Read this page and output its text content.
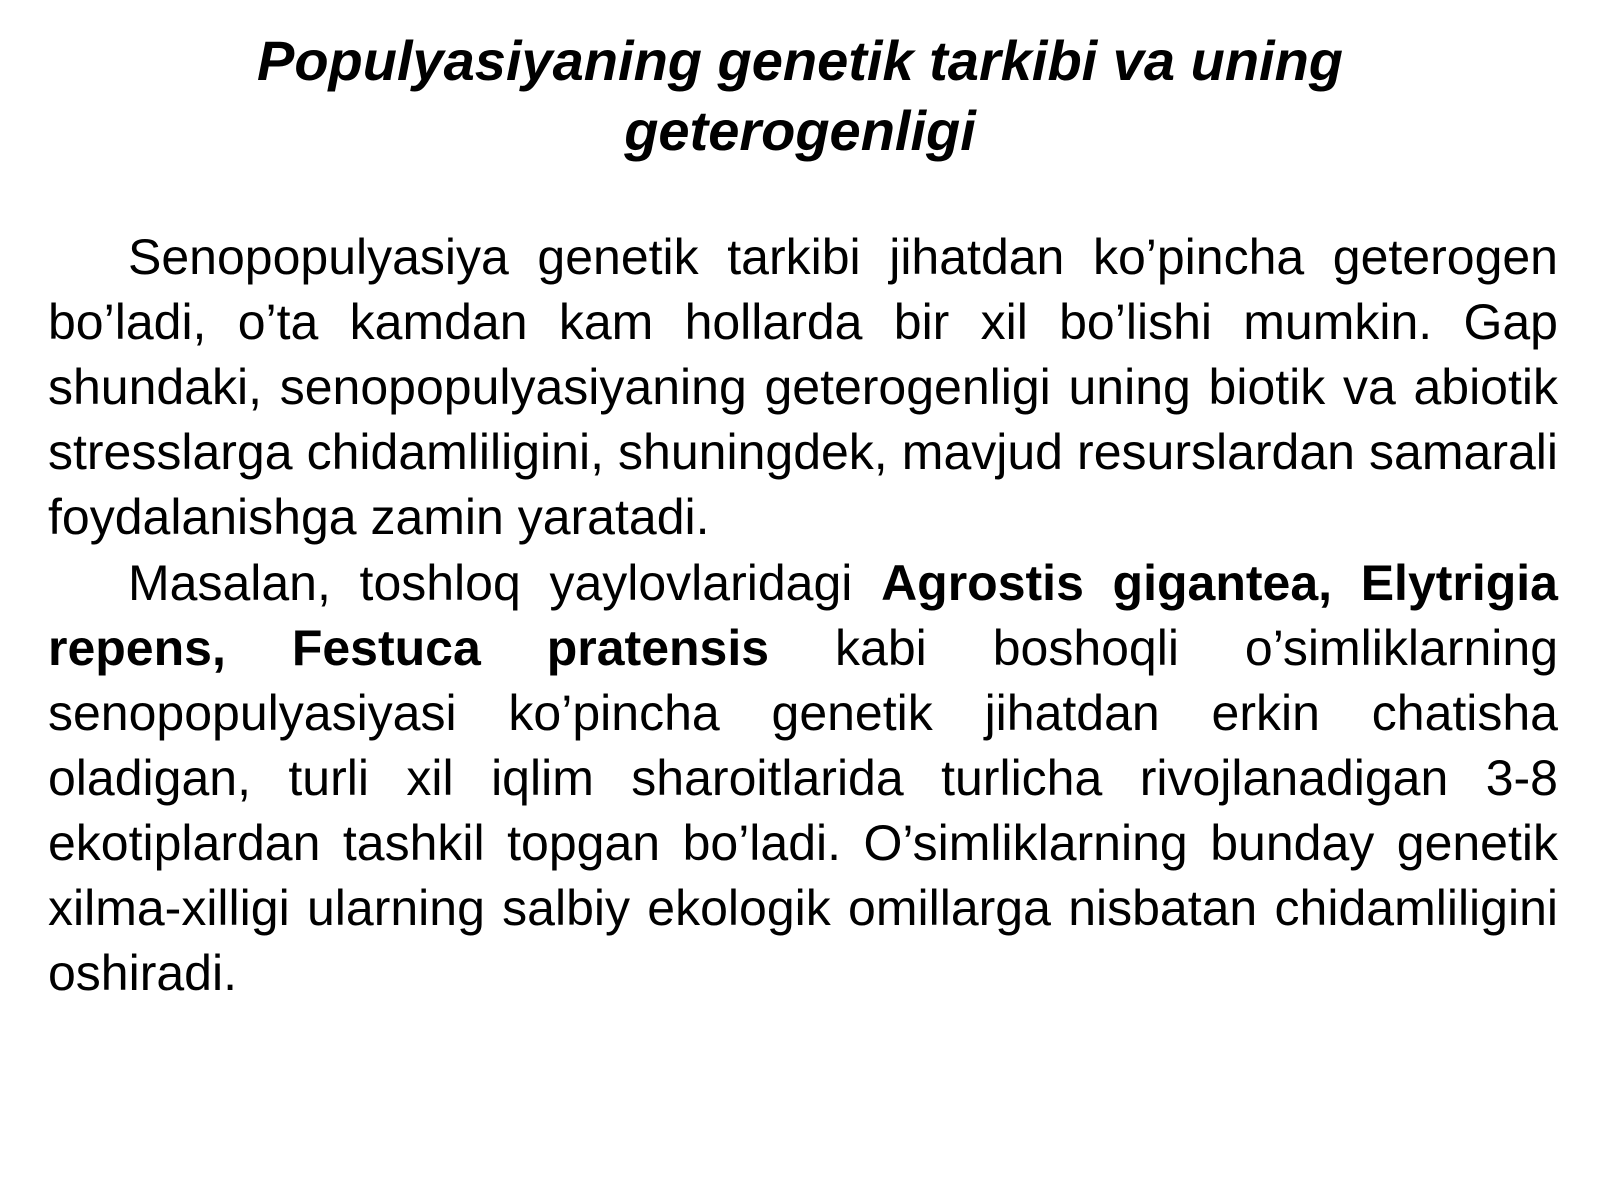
Populyasiyaning genetik tarkibi va uning geterogenligi

Senopopulyasiya genetik tarkibi jihatdan ko’pincha geterogen bo’ladi, o’ta kamdan kam hollarda bir xil bo’lishi mumkin. Gap shundaki, senopopulyasiyaning geterogenligi uning biotik va abiotik stresslarga chidamliligini, shuningdek, mavjud resurslardan samarali foydalanishga zamin yaratadi.

Masalan, toshloq yaylovlaridagi Agrostis gigantea, Elytrigia repens, Festuca pratensis kabi boshoqli o’simliklarning senopopulyasiyasi ko’pincha genetik jihatdan erkin chatisha oladigan, turli xil iqlim sharoitlarida turlicha rivojlanadigan 3-8 ekotiplardan tashkil topgan bo’ladi. O’simliklarning bunday genetik xilma-xilligi ularning salbiy ekologik omillarga nisbatan chidamliligini oshiradi.
